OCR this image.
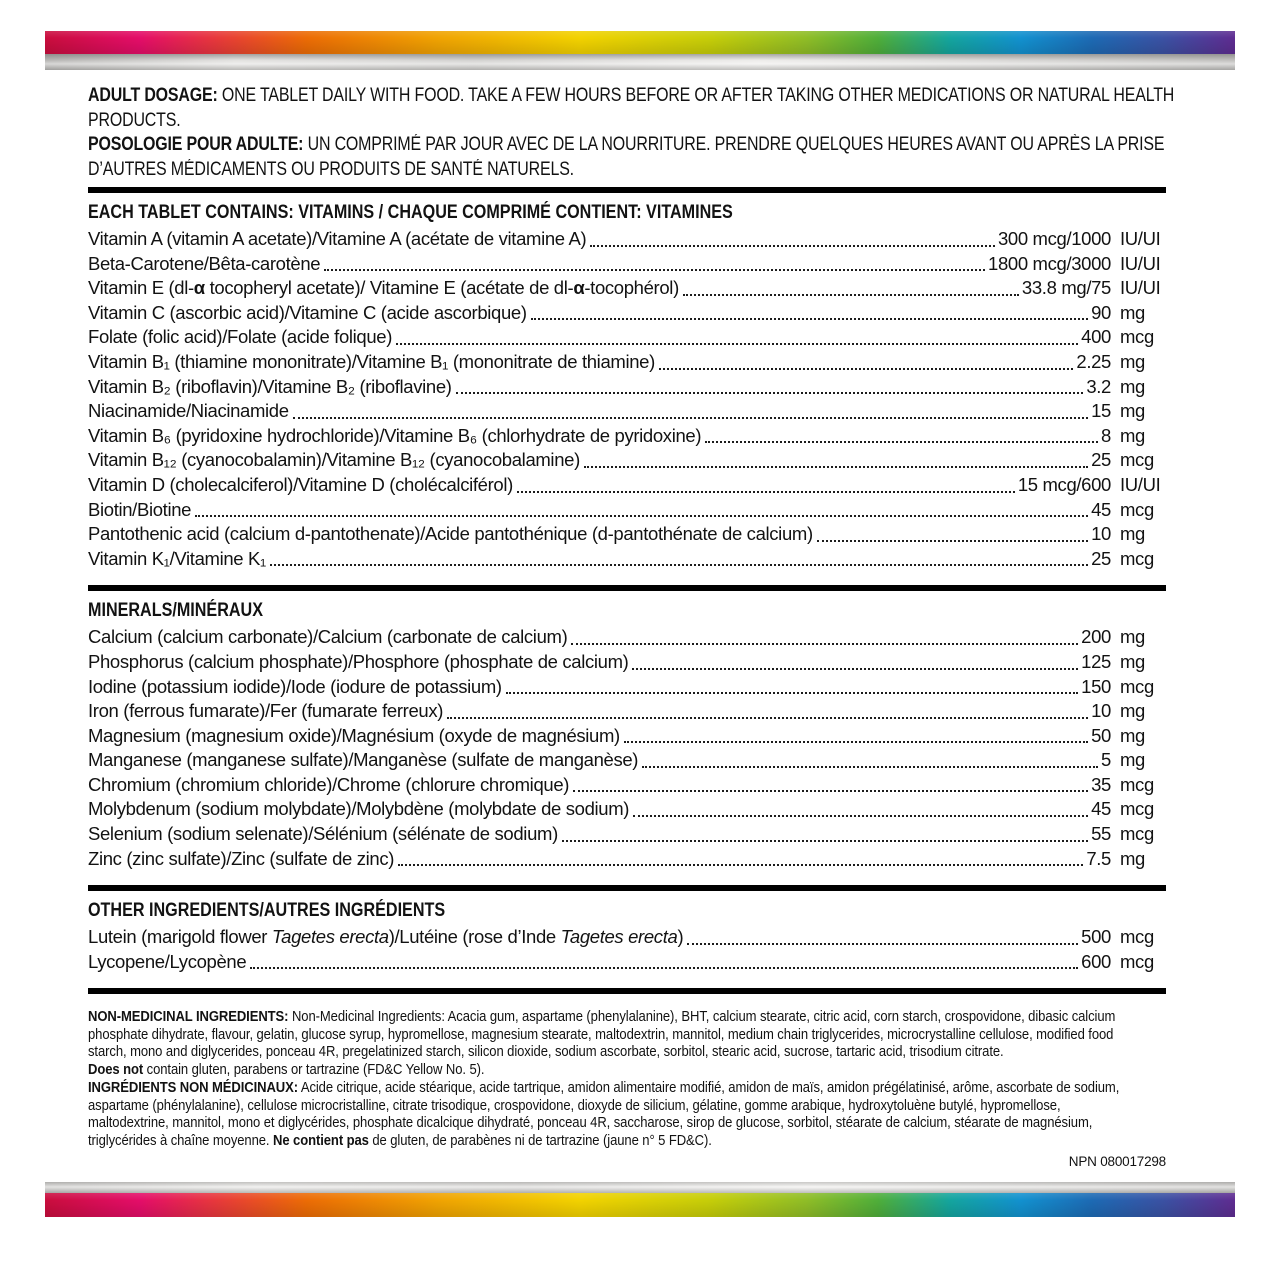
ADULT DOSAGE: ONE TABLET DAILY WITH FOOD. TAKE A FEW HOURS BEFORE OR AFTER TAKING OTHER MEDICATIONS OR NATURAL HEALTH
PRODUCTS.
POSOLOGIE POUR ADULTE: UN COMPRIMÉ PAR JOUR AVEC DE LA NOURRITURE. PRENDRE QUELQUES HEURES AVANT OU APRÈS LA PRISE
D’AUTRES MÉDICAMENTS OU PRODUITS DE SANTÉ NATURELS.
EACH TABLET CONTAINS: VITAMINS / CHAQUE COMPRIMÉ CONTIENT: VITAMINES
Vitamin A (vitamin A acetate)/Vitamine A (acétate de vitamine A)	300 mcg/1000 IU/UI
Beta-Carotene/Bêta-carotène	1800 mcg/3000 IU/UI
Vitamin E (dl-α tocopheryl acetate)/ Vitamine E (acétate de dl-α-tocophérol)	33.8 mg/75 IU/UI
Vitamin C (ascorbic acid)/Vitamine C (acide ascorbique)	90 mg
Folate (folic acid)/Folate (acide folique)	400 mcg
Vitamin B₁ (thiamine mononitrate)/Vitamine B₁ (mononitrate de thiamine)	2.25 mg
Vitamin B₂ (riboflavin)/Vitamine B₂ (riboflavine)	3.2 mg
Niacinamide/Niacinamide	15 mg
Vitamin B₆ (pyridoxine hydrochloride)/Vitamine B₆ (chlorhydrate de pyridoxine)	8 mg
Vitamin B₁₂ (cyanocobalamin)/Vitamine B₁₂ (cyanocobalamine)	25 mcg
Vitamin D (cholecalciferol)/Vitamine D (cholécalciférol)	15 mcg/600 IU/UI
Biotin/Biotine	45 mcg
Pantothenic acid (calcium d-pantothenate)/Acide pantothénique (d-pantothénate de calcium)	10 mg
Vitamin K₁/Vitamine K₁	25 mcg
MINERALS/MINÉRAUX
Calcium (calcium carbonate)/Calcium (carbonate de calcium)	200 mg
Phosphorus (calcium phosphate)/Phosphore (phosphate de calcium)	125 mg
Iodine (potassium iodide)/Iode (iodure de potassium)	150 mcg
Iron (ferrous fumarate)/Fer (fumarate ferreux)	10 mg
Magnesium (magnesium oxide)/Magnésium (oxyde de magnésium)	50 mg
Manganese (manganese sulfate)/Manganèse (sulfate de manganèse)	5 mg
Chromium (chromium chloride)/Chrome (chlorure chromique)	35 mcg
Molybdenum (sodium molybdate)/Molybdène (molybdate de sodium)	45 mcg
Selenium (sodium selenate)/Sélénium (sélénate de sodium)	55 mcg
Zinc (zinc sulfate)/Zinc (sulfate de zinc)	7.5 mg
OTHER INGREDIENTS/AUTRES INGRÉDIENTS
Lutein (marigold flower Tagetes erecta)/Lutéine (rose d’Inde Tagetes erecta)	500 mcg
Lycopene/Lycopène	600 mcg
NON-MEDICINAL INGREDIENTS: Non-Medicinal Ingredients: Acacia gum, aspartame (phenylalanine), BHT, calcium stearate, citric acid, corn starch, crospovidone, dibasic calcium
phosphate dihydrate, flavour, gelatin, glucose syrup, hypromellose, magnesium stearate, maltodextrin, mannitol, medium chain triglycerides, microcrystalline cellulose, modified food
starch, mono and diglycerides, ponceau 4R, pregelatinized starch, silicon dioxide, sodium ascorbate, sorbitol, stearic acid, sucrose, tartaric acid, trisodium citrate.
Does not contain gluten, parabens or tartrazine (FD&C Yellow No. 5).
INGRÉDIENTS NON MÉDICINAUX: Acide citrique, acide stéarique, acide tartrique, amidon alimentaire modifié, amidon de maïs, amidon prégélatinisé, arôme, ascorbate de sodium,
aspartame (phénylalanine), cellulose microcristalline, citrate trisodique, crospovidone, dioxyde de silicium, gélatine, gomme arabique, hydroxytoluène butylé, hypromellose,
maltodextrine, mannitol, mono et diglycérides, phosphate dicalcique dihydraté, ponceau 4R, saccharose, sirop de glucose, sorbitol, stéarate de calcium, stéarate de magnésium,
triglycérides à chaîne moyenne. Ne contient pas de gluten, de parabènes ni de tartrazine (jaune n° 5 FD&C).
NPN 080017298
